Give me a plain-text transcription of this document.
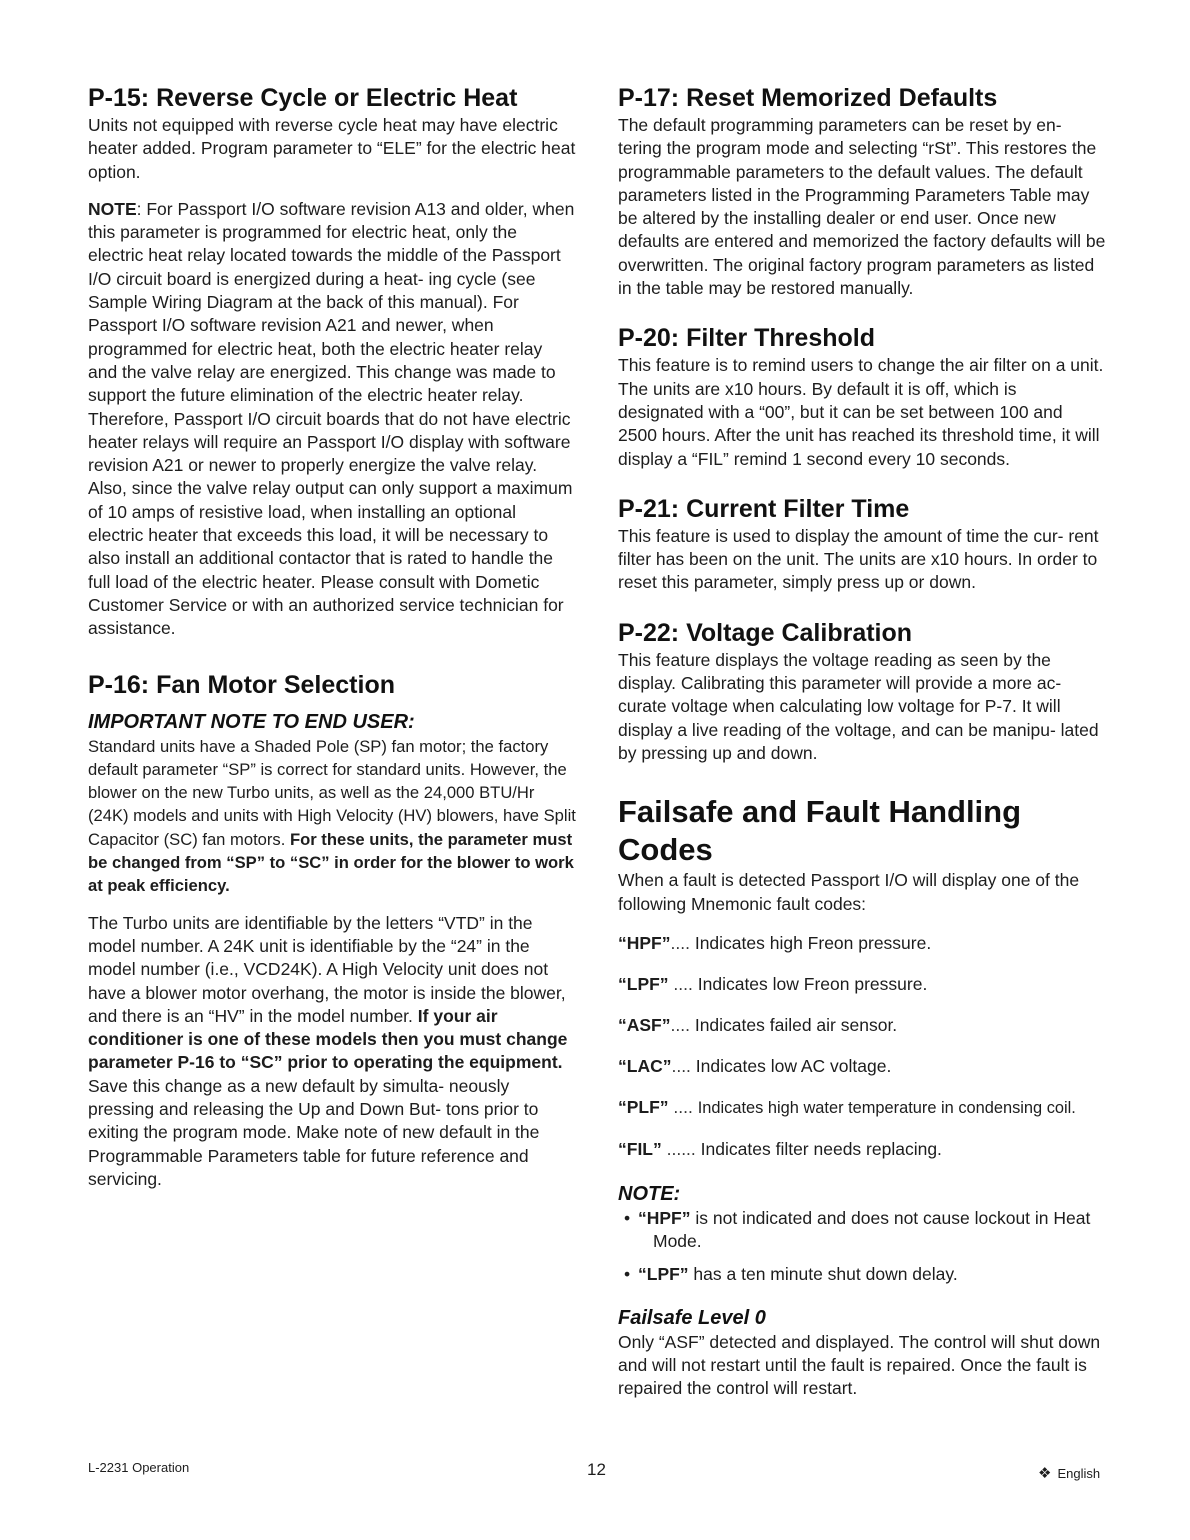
P-15: Reverse Cycle or Electric Heat

Units not equipped with reverse cycle heat may have electric heater added. Program parameter to “ELE” for the electric heat option.

NOTE: For Passport I/O software revision A13 and older, when this parameter is programmed for electric heat, only the electric heat relay located towards the middle of the Passport I/O circuit board is energized during a heat- ing cycle (see Sample Wiring Diagram at the back of this manual). For Passport I/O software revision A21 and newer, when programmed for electric heat, both the electric heater relay and the valve relay are energized. This change was made to support the future elimination of the electric heater relay. Therefore, Passport I/O circuit boards that do not have electric heater relays will require an Passport I/O display with software revision A21 or newer to properly energize the valve relay. Also, since the valve relay output can only support a maximum of 10 amps of resistive load, when installing an optional electric heater that exceeds this load, it will be necessary to also install an additional contactor that is rated to handle the full load of the electric heater. Please consult with Dometic Customer Service or with an authorized service technician for assistance.

P-16: Fan Motor Selection
IMPORTANT NOTE TO END USER:

Standard units have a Shaded Pole (SP) fan motor; the factory default parameter “SP” is correct for standard units. However, the blower on the new Turbo units, as well as the 24,000 BTU/Hr (24K) models and units with High Velocity (HV) blowers, have Split Capacitor (SC) fan motors. For these units, the parameter must be changed from “SP” to “SC” in order for the blower to work at peak efficiency.

The Turbo units are identifiable by the letters “VTD” in the model number. A 24K unit is identifiable by the “24” in the model number (i.e., VCD24K). A High Velocity unit does not have a blower motor overhang, the motor is inside the blower, and there is an “HV” in the model number. If your air conditioner is one of these models then you must change parameter P-16 to “SC” prior to operating the equipment. Save this change as a new default by simulta- neously pressing and releasing the Up and Down But- tons prior to exiting the program mode. Make note of new default in the Programmable Parameters table for future reference and servicing.

P-17: Reset Memorized Defaults

The default programming parameters can be reset by en- tering the program mode and selecting “rSt”. This restores the programmable parameters to the default values. The default parameters listed in the Programming Parameters Table may be altered by the installing dealer or end user. Once new defaults are entered and memorized the factory defaults will be overwritten. The original factory program parameters as listed in the table may be restored manually.

P-20: Filter Threshold

This feature is to remind users to change the air filter on a unit. The units are x10 hours. By default it is off, which is designated with a “00”, but it can be set between 100 and 2500 hours. After the unit has reached its threshold time, it will display a “FIL” remind 1 second every 10 seconds.

P-21: Current Filter Time

This feature is used to display the amount of time the cur- rent filter has been on the unit. The units are x10 hours. In order to reset this parameter, simply press up or down.

P-22: Voltage Calibration

This feature displays the voltage reading as seen by the display. Calibrating this parameter will provide a more ac- curate voltage when calculating low voltage for P-7. It will display a live reading of the voltage, and can be manipu- lated by pressing up and down.

Failsafe and Fault Handling Codes

When a fault is detected Passport I/O will display one of the following Mnemonic fault codes:

“HPF”.... Indicates high Freon pressure.
“LPF” .... Indicates low Freon pressure.
“ASF”.... Indicates failed air sensor.
“LAC”.... Indicates low AC voltage.
“PLF” .... Indicates high water temperature in condensing coil.
“FIL” ...... Indicates filter needs replacing.
NOTE:
• “HPF” is not indicated and does not cause lockout in Heat Mode.
• “LPF” has a ten minute shut down delay.
Failsafe Level 0

Only “ASF” detected and displayed. The control will shut down and will not restart until the fault is repaired. Once the fault is repaired the control will restart.

L-2231 Operation	12	❖ English
